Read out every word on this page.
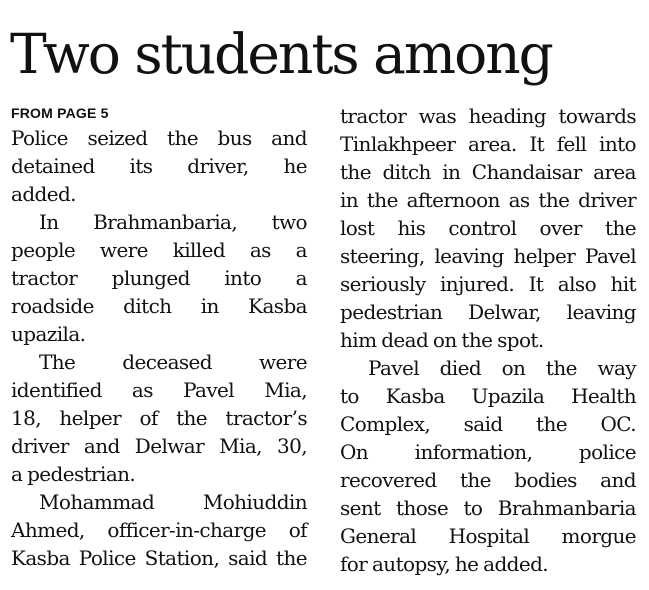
Two students among
FROM PAGE 5

Police seized the bus and
detained its driver, he
added.

In Brahmanbaria, two
people were killed as a
tractor plunged into a
roadside ditch in Kasba
upazila.

The deceased were
identified as Pavel Mia,
18, helper of the tractor’s
driver and Delwar Mia, 30,
a pedestrian.

Mohammad Mohiuddin
Ahmed, officer-in-charge of
Kasba Police Station, said the

tractor was heading towards
Tinlakhpeer area. It fell into
the ditch in Chandaisar area
in the afternoon as the driver
lost his control over the
steering, leaving helper Pavel
seriously injured. It also hit
pedestrian Delwar, leaving
him dead on the spot.

Pavel died on the way
to Kasba Upazila Health
Complex, said the OC.
On information, police
recovered the bodies and
sent those to Brahmanbaria
General Hospital morgue
for autopsy, he added.
